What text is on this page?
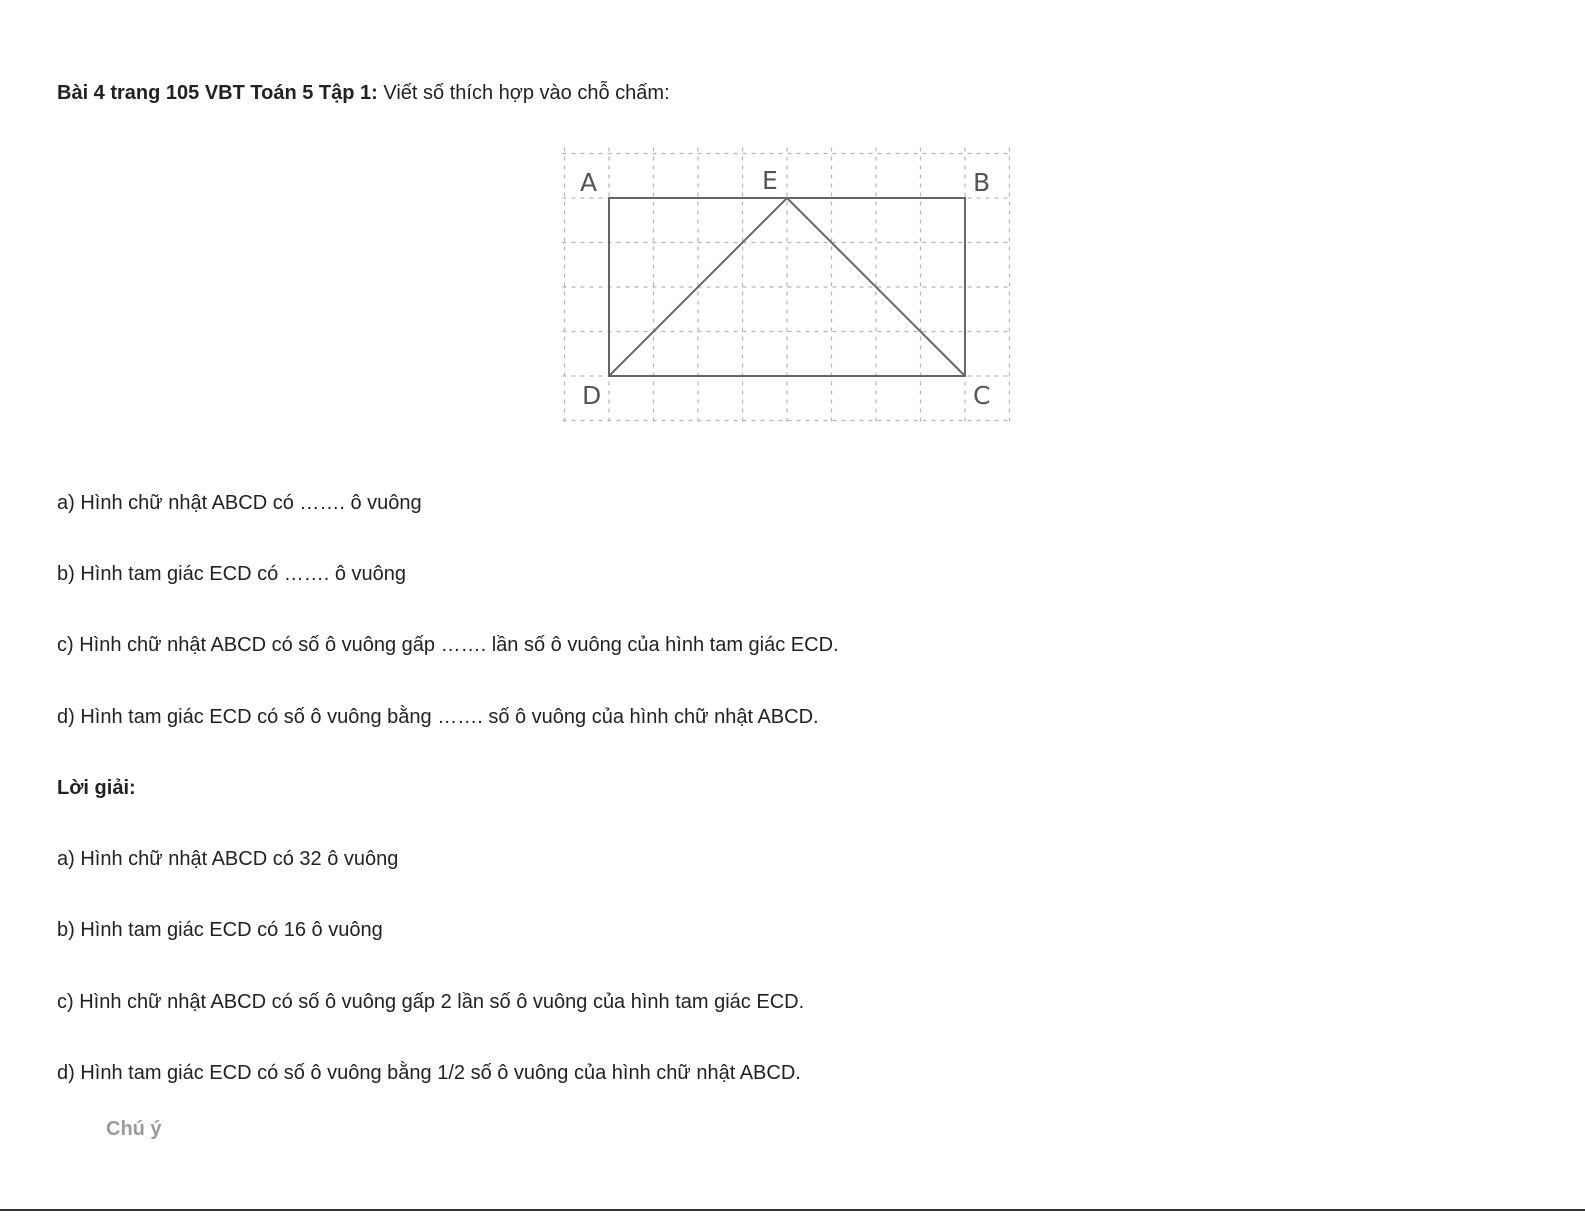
Bài 4 trang 105 VBT Toán 5 Tập 1: Viết số thích hợp vào chỗ chấm:
A	E	B
D	C
a) Hình chữ nhật ABCD có ……. ô vuông
b) Hình tam giác ECD có ……. ô vuông
c) Hình chữ nhật ABCD có số ô vuông gấp ……. lần số ô vuông của hình tam giác ECD.
d) Hình tam giác ECD có số ô vuông bằng ……. số ô vuông của hình chữ nhật ABCD.
Lời giải:
a) Hình chữ nhật ABCD có 32 ô vuông
b) Hình tam giác ECD có 16 ô vuông
c) Hình chữ nhật ABCD có số ô vuông gấp 2 lần số ô vuông của hình tam giác ECD.
d) Hình tam giác ECD có số ô vuông bằng 1/2 số ô vuông của hình chữ nhật ABCD.
Chú ý
